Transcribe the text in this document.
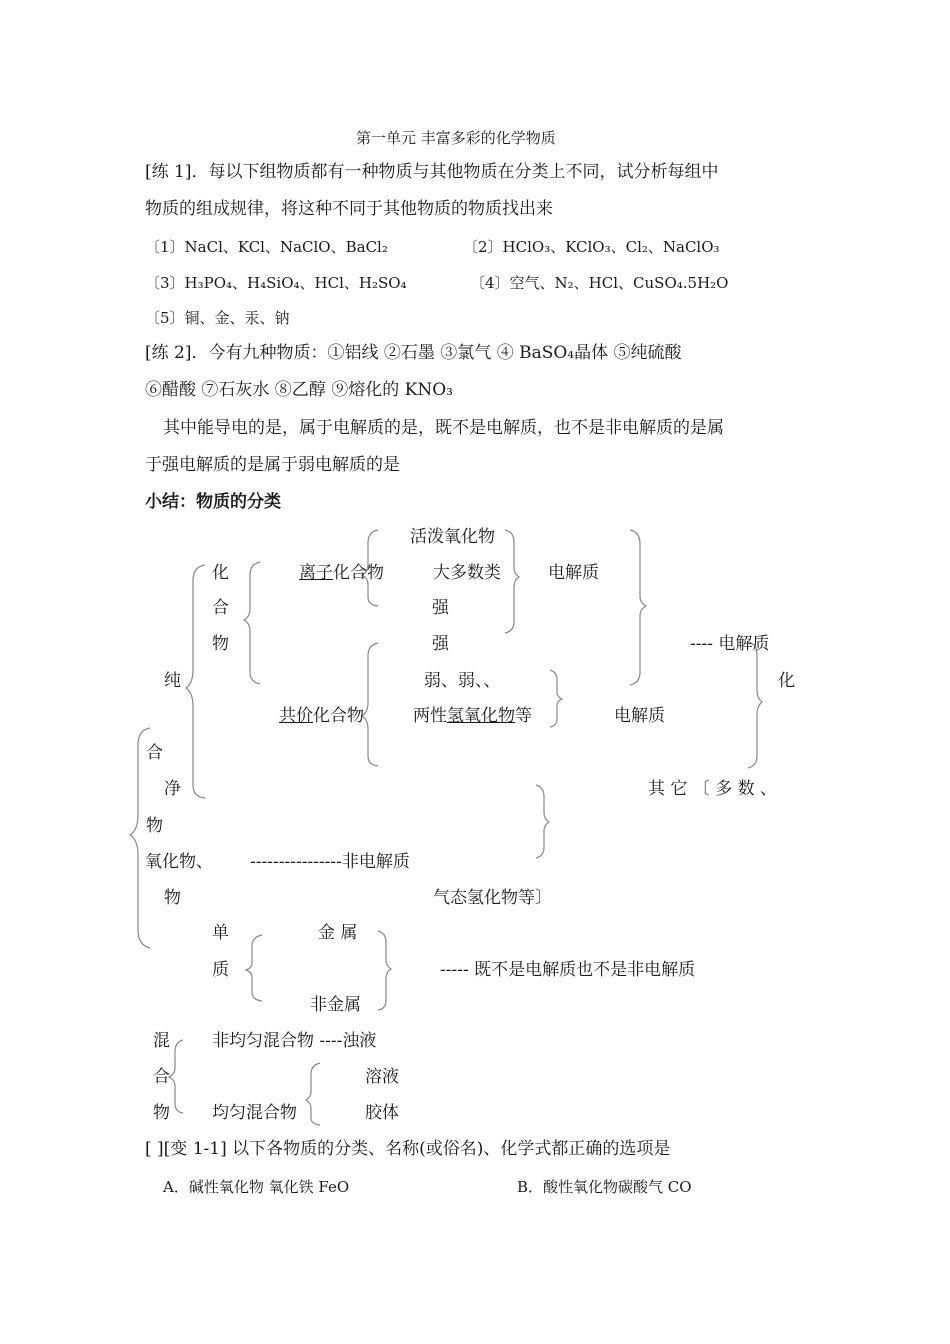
第一单元 丰富多彩的化学物质
[练 1]．每以下组物质都有一种物质与其他物质在分类上不同，试分析每组中
物质的组成规律，将这种不同于其他物质的物质找出来
〔1〕NaCl、KCl、NaClO、BaCl₂	〔2〕HClO₃、KClO₃、Cl₂、NaClO₃
〔3〕H₃PO₄、H₄SiO₄、HCl、H₂SO₄	〔4〕空气、N₂、HCl、CuSO₄.5H₂O
〔5〕铜、金、汞、钠
[练 2]．今有九种物质：①铝线 ②石墨 ③氯气 ④ BaSO₄晶体 ⑤纯硫酸
⑥醋酸 ⑦石灰水 ⑧乙醇 ⑨熔化的 KNO₃
其中能导电的是，属于电解质的是，既不是电解质，也不是非电解质的是属
于强电解质的是属于弱电解质的是
小结：物质的分类
活泼氧化物
化	离子化合物	大多数类	电解质
合	强
物	强	---- 电解质
纯	弱、弱、、	化
共价化合物	两性氢氧化物等	电解质
合
净	其 它 〔 多 数 、
物
氧化物、 ----------------非电解质
物	气态氢化物等〕
单	金 属
质	----- 既不是电解质也不是非电解质
非金属
混 非均匀混合物 ----浊液
合	溶液
物 均匀混合物	胶体
[ ][变 1-1] 以下各物质的分类、名称(或俗名)、化学式都正确的选项是
A．碱性氧化物 氧化铁 FeO	B．酸性氧化物碳酸气 CO
